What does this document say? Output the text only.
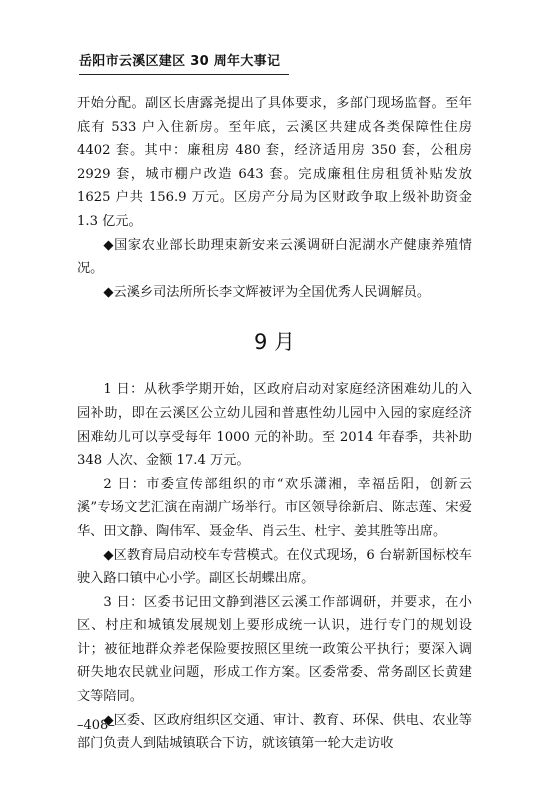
岳阳市云溪区建区 30 周年大事记

开始分配。副区长唐露尧提出了具体要求，多部门现场监督。至年底有 533 户入住新房。至年底，云溪区共建成各类保障性住房 4402 套。其中：廉租房 480 套，经济适用房 350 套，公租房 2929 套，城市棚户改造 643 套。完成廉租住房租赁补贴发放 1625 户共 156.9 万元。区房产分局为区财政争取上级补助资金 1.3 亿元。

◆国家农业部长助理束新安来云溪调研白泥湖水产健康养殖情况。

◆云溪乡司法所所长李文辉被评为全国优秀人民调解员。

9 月

1 日：从秋季学期开始，区政府启动对家庭经济困难幼儿的入园补助，即在云溪区公立幼儿园和普惠性幼儿园中入园的家庭经济困难幼儿可以享受每年 1000 元的补助。至 2014 年春季，共补助 348 人次、金额 17.4 万元。

2 日：市委宣传部组织的市“欢乐潇湘，幸福岳阳，创新云溪”专场文艺汇演在南湖广场举行。市区领导徐新启、陈志莲、宋爱华、田文静、陶伟军、聂金华、肖云生、杜宇、姜其胜等出席。

◆区教育局启动校车专营模式。在仪式现场，6 台崭新国标校车驶入路口镇中心小学。副区长胡蝶出席。

3 日：区委书记田文静到港区云溪工作部调研，并要求，在小区、村庄和城镇发展规划上要形成统一认识，进行专门的规划设计；被征地群众养老保险要按照区里统一政策公平执行；要深入调研失地农民就业问题，形成工作方案。区委常委、常务副区长黄建文等陪同。

◆区委、区政府组织区交通、审计、教育、环保、供电、农业等部门负责人到陆城镇联合下访，就该镇第一轮大走访收

–408–
